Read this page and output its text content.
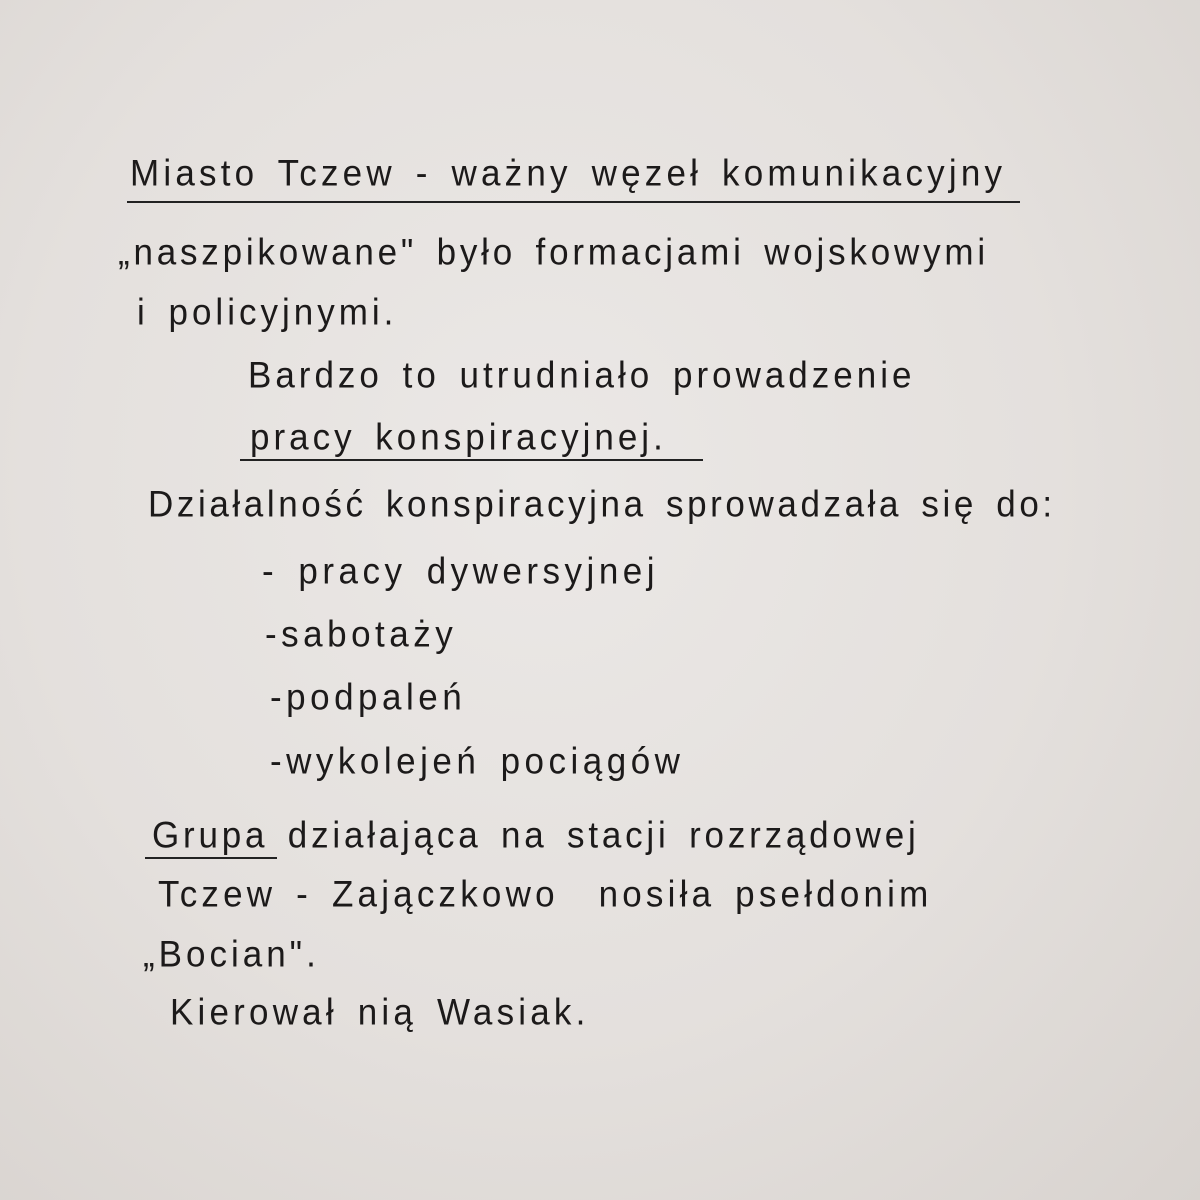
Miasto Tczew - ważny węzeł komunikacyjny
„naszpikowane" było formacjami wojskowymi
i policyjnymi.
Bardzo to utrudniało prowadzenie
pracy konspiracyjnej.
Działalność konspiracyjna sprowadzała się do:
- pracy dywersyjnej
-sabotaży
-podpaleń
-wykolejeń pociągów
Grupa działająca na stacji rozrządowej
Tczew - Zajączkowo  nosiła psełdonim
„Bocian".
Kierował nią Wasiak.
